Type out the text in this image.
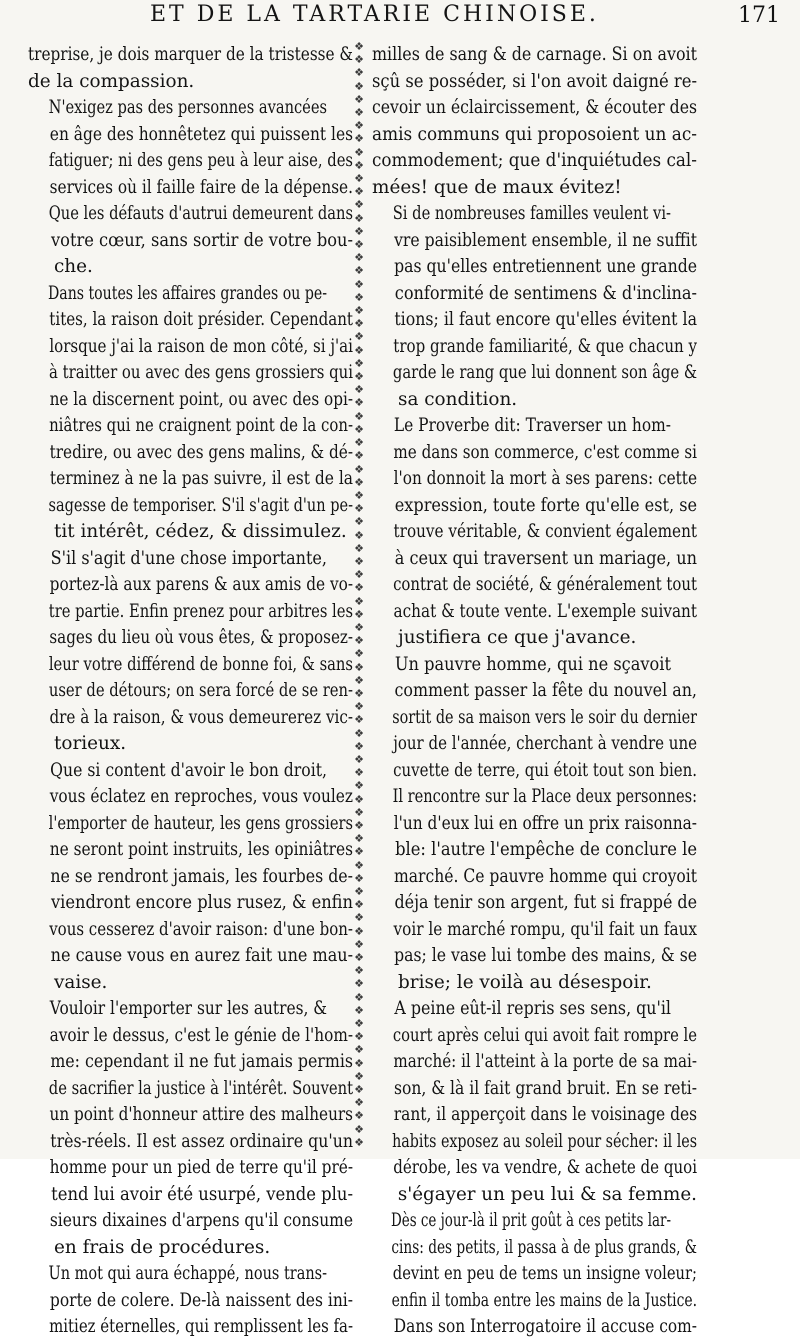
ET DE LA TARTARIE CHINOISE.	171

treprise, je dois marquer de la tristesse &
de la compassion.

N'exigez pas des personnes avancées
en âge des honnêtetez qui puissent les
fatiguer; ni des gens peu à leur aise, des
services où il faille faire de la dépense.
Que les défauts d'autrui demeurent dans
votre cœur, sans sortir de votre bou-
che.

Dans toutes les affaires grandes ou pe-
tites, la raison doit présider. Cependant
lorsque j'ai la raison de mon côté, si j'ai
à traitter ou avec des gens grossiers qui
ne la discernent point, ou avec des opi-
niâtres qui ne craignent point de la con-
tredire, ou avec des gens malins, & dé-
terminez à ne la pas suivre, il est de la
sagesse de temporiser. S'il s'agit d'un pe-
tit intérêt, cédez, & dissimulez.

S'il s'agit d'une chose importante,
portez-là aux parens & aux amis de vo-
tre partie. Enfin prenez pour arbitres les
sages du lieu où vous êtes, & proposez-
leur votre différend de bonne foi, & sans
user de détours; on sera forcé de se ren-
dre à la raison, & vous demeurerez vic-
torieux.

Que si content d'avoir le bon droit,
vous éclatez en reproches, vous voulez
l'emporter de hauteur, les gens grossiers
ne seront point instruits, les opiniâtres
ne se rendront jamais, les fourbes de-
viendront encore plus rusez, & enfin
vous cesserez d'avoir raison: d'une bon-
ne cause vous en aurez fait une mau-
vaise.

Vouloir l'emporter sur les autres, &
avoir le dessus, c'est le génie de l'hom-
me: cependant il ne fut jamais permis
de sacrifier la justice à l'intérêt. Souvent
un point d'honneur attire des malheurs
très-réels. Il est assez ordinaire qu'un
homme pour un pied de terre qu'il pré-
tend lui avoir été usurpé, vende plu-
sieurs dixaines d'arpens qu'il consume
en frais de procédures.

Un mot qui aura échappé, nous trans-
porte de colere. De-là naissent des ini-
mitiez éternelles, qui remplissent les fa-

❖
❖
❖
❖
❖
❖
❖
❖
❖
❖
❖
❖
❖
❖
❖
❖
❖
❖
❖
❖
❖
❖
❖
❖
❖
❖
❖
❖
❖
❖
❖
❖
❖
❖
❖
❖
❖
❖
❖
❖
❖
❖
❖
❖
❖
❖
❖
❖
❖
❖
❖
❖
❖
❖
❖
❖
❖
❖
❖
❖
❖
❖
❖
❖
❖
❖
❖
❖
❖
❖
❖
❖
❖
❖
❖
❖
❖
❖
❖
❖
❖
❖
❖
❖

milles de sang & de carnage. Si on avoit
sçû se posséder, si l'on avoit daigné re-
cevoir un éclaircissement, & écouter des
amis communs qui proposoient un ac-
commodement; que d'inquiétudes cal-
mées! que de maux évitez!

Si de nombreuses familles veulent vi-
vre paisiblement ensemble, il ne suffit
pas qu'elles entretiennent une grande
conformité de sentimens & d'inclina-
tions; il faut encore qu'elles évitent la
trop grande familiarité, & que chacun y
garde le rang que lui donnent son âge &
sa condition.

Le Proverbe dit: Traverser un hom-
me dans son commerce, c'est comme si
l'on donnoit la mort à ses parens: cette
expression, toute forte qu'elle est, se
trouve véritable, & convient également
à ceux qui traversent un mariage, un
contrat de société, & généralement tout
achat & toute vente. L'exemple suivant
justifiera ce que j'avance.

Un pauvre homme, qui ne sçavoit
comment passer la fête du nouvel an,
sortit de sa maison vers le soir du dernier
jour de l'année, cherchant à vendre une
cuvette de terre, qui étoit tout son bien.
Il rencontre sur la Place deux personnes:
l'un d'eux lui en offre un prix raisonna-
ble: l'autre l'empêche de conclure le
marché. Ce pauvre homme qui croyoit
déja tenir son argent, fut si frappé de
voir le marché rompu, qu'il fait un faux
pas; le vase lui tombe des mains, & se
brise; le voilà au désespoir.

A peine eût-il repris ses sens, qu'il
court après celui qui avoit fait rompre le
marché: il l'atteint à la porte de sa mai-
son, & là il fait grand bruit. En se reti-
rant, il apperçoit dans le voisinage des
habits exposez au soleil pour sécher: il les
dérobe, les va vendre, & achete de quoi
s'égayer un peu lui & sa femme.

Dès ce jour-là il prit goût à ces petits lar-
cins: des petits, il passa à de plus grands, &
devint en peu de tems un insigne voleur;
enfin il tomba entre les mains de la Justice.
Dans son Interrogatoire il accuse com-
